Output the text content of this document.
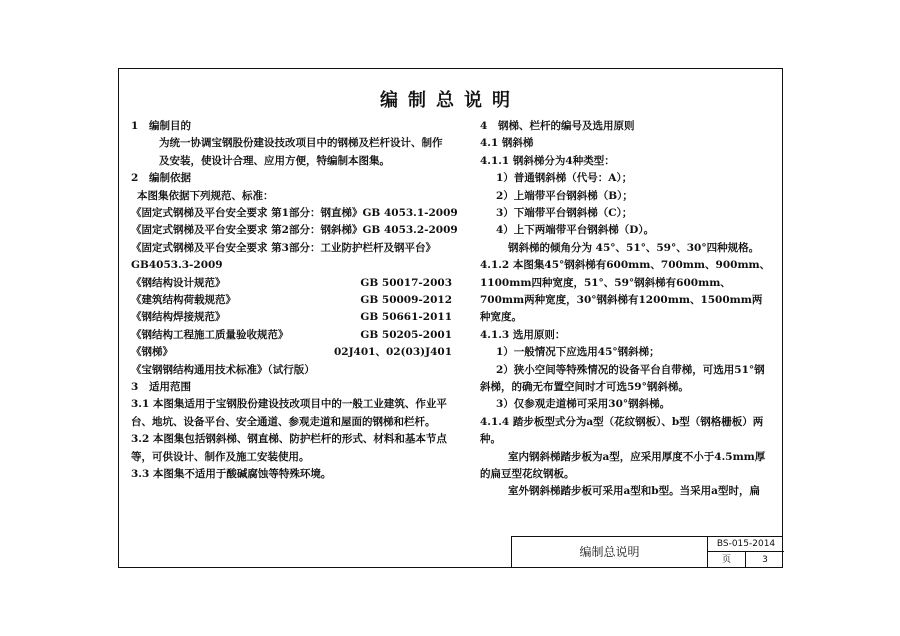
编制总说明
1 编制目的
为统一协调宝钢股份建设技改项目中的钢梯及栏杆设计、制作及安装，使设计合理、应用方便，特编制本图集。
2 编制依据
本图集依据下列规范、标准：
《固定式钢梯及平台安全要求 第1部分：钢直梯》GB 4053.1-2009
《固定式钢梯及平台安全要求 第2部分：钢斜梯》GB 4053.2-2009
《固定式钢梯及平台安全要求 第3部分：工业防护栏杆及钢平台》
GB4053.3-2009
《钢结构设计规范》	GB 50017-2003
《建筑结构荷载规范》	GB 50009-2012
《钢结构焊接规范》	GB 50661-2011
《钢结构工程施工质量验收规范》	GB 50205-2001
《钢梯》	02J401、02(03)J401
《宝钢钢结构通用技术标准》（试行版）
3 适用范围
3.1 本图集适用于宝钢股份建设技改项目中的一般工业建筑、作业平台、地坑、设备平台、安全通道、参观走道和屋面的钢梯和栏杆。
3.2 本图集包括钢斜梯、钢直梯、防护栏杆的形式、材料和基本节点等，可供设计、制作及施工安装使用。
3.3 本图集不适用于酸碱腐蚀等特殊环境。
4 钢梯、栏杆的编号及选用原则
4.1 钢斜梯
4.1.1 钢斜梯分为4种类型：
1）普通钢斜梯（代号：A）；
2）上端带平台钢斜梯（B）；
3）下端带平台钢斜梯（C）；
4）上下两端带平台钢斜梯（D）。
钢斜梯的倾角分为 45°、51°、59°、30°四种规格。
4.1.2 本图集45°钢斜梯有600mm、700mm、900mm、1100mm四种宽度，51°、59°钢斜梯有600mm、700mm两种宽度，30°钢斜梯有1200mm、1500mm两种宽度。
4.1.3 选用原则：
1）一般情况下应选用45°钢斜梯；
2）狭小空间等特殊情况的设备平台自带梯，可选用51°钢斜梯，的确无布置空间时才可选59°钢斜梯。
3）仅参观走道梯可采用30°钢斜梯。
4.1.4 踏步板型式分为a型（花纹钢板）、b型（钢格栅板）两种。
室内钢斜梯踏步板为a型，应采用厚度不小于4.5mm厚的扁豆型花纹钢板。
室外钢斜梯踏步板可采用a型和b型。当采用a型时，扁
编制总说明
BS-015-2014
页	3
